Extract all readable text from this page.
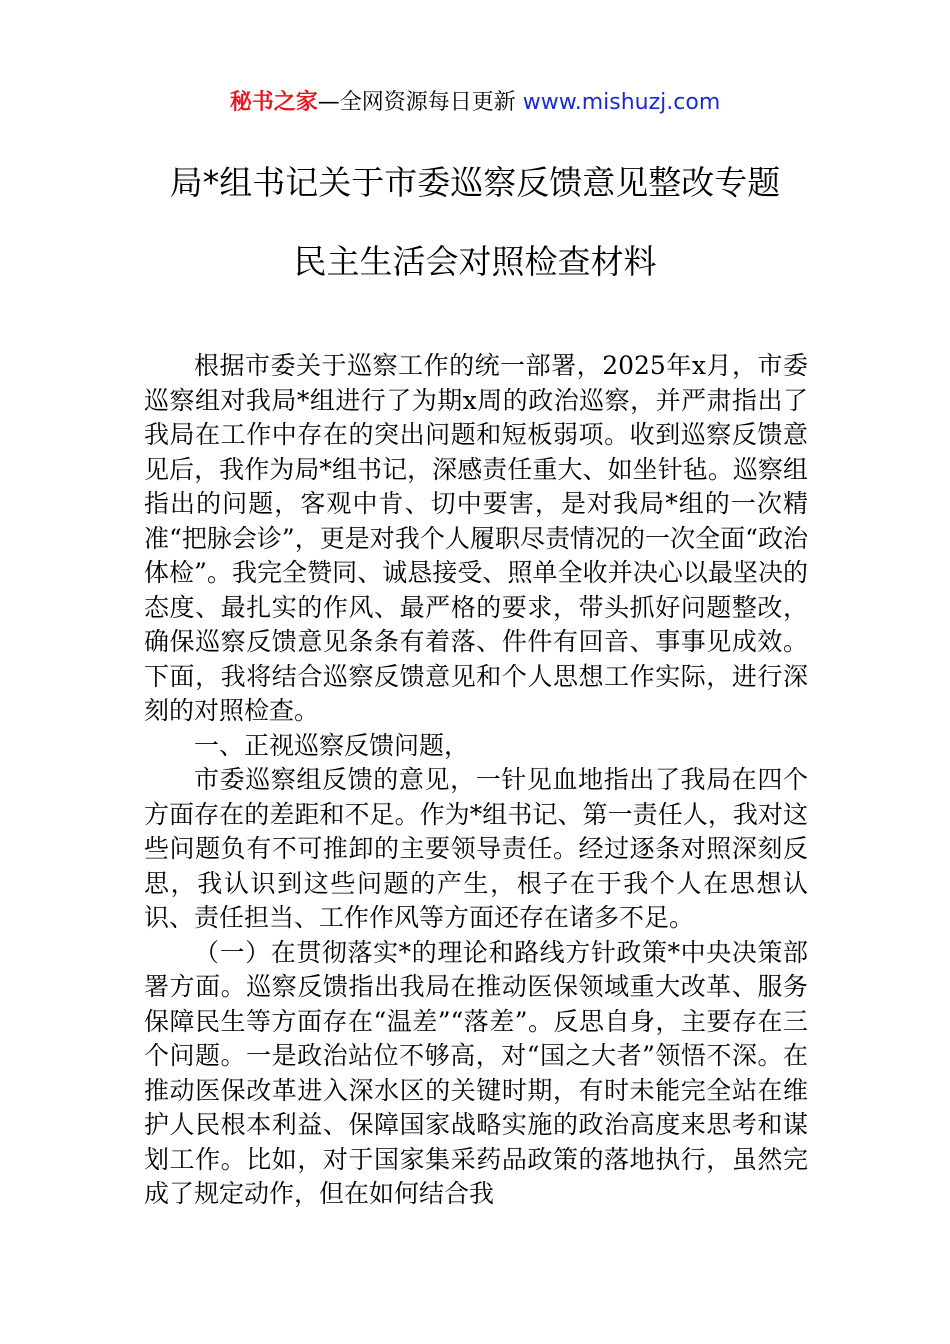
秘书之家—全网资源每日更新 www.mishuzj.com
局*组书记关于市委巡察反馈意见整改专题
民主生活会对照检查材料

根据市委关于巡察工作的统一部署，2025年x月，市委巡察组对我局*组进行了为期x周的政治巡察，并严肃指出了我局在工作中存在的突出问题和短板弱项。收到巡察反馈意见后，我作为局*组书记，深感责任重大、如坐针毡。巡察组指出的问题，客观中肯、切中要害，是对我局*组的一次精准“把脉会诊”，更是对我个人履职尽责情况的一次全面“政治体检”。我完全赞同、诚恳接受、照单全收并决心以最坚决的态度、最扎实的作风、最严格的要求，带头抓好问题整改，确保巡察反馈意见条条有着落、件件有回音、事事见成效。下面，我将结合巡察反馈意见和个人思想工作实际，进行深刻的对照检查。

一、正视巡察反馈问题，

市委巡察组反馈的意见，一针见血地指出了我局在四个方面存在的差距和不足。作为*组书记、第一责任人，我对这些问题负有不可推卸的主要领导责任。经过逐条对照深刻反思，我认识到这些问题的产生，根子在于我个人在思想认识、责任担当、工作作风等方面还存在诸多不足。

（一）在贯彻落实*的理论和路线方针政策*中央决策部署方面。巡察反馈指出我局在推动医保领域重大改革、服务保障民生等方面存在“温差”“落差”。反思自身，主要存在三个问题。一是政治站位不够高，对“国之大者”领悟不深。在推动医保改革进入深水区的关键时期，有时未能完全站在维护人民根本利益、保障国家战略实施的政治高度来思考和谋划工作。比如，对于国家集采药品政策的落地执行，虽然完成了规定动作，但在如何结合我
